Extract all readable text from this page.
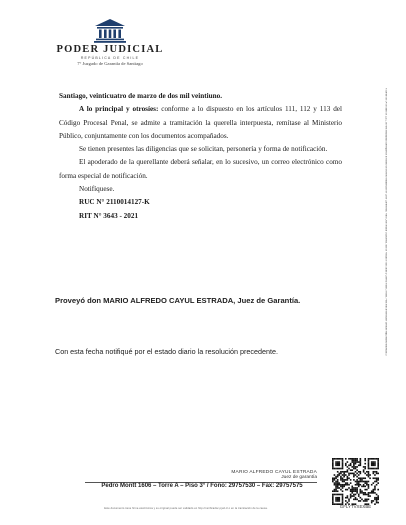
PODER JUDICIAL
REPÚBLICA DE CHILE
7° Juzgado de Garantía de Santiago

Santiago, veinticuatro de marzo de dos mil veintiuno.

A lo principal y otrosíes: conforme a lo dispuesto en los artículos 111, 112 y 113 del Código Procesal Penal, se admite a tramitación la querella interpuesta, remítase al Ministerio Público, conjuntamente con los documentos acompañados.

Se tienen presentes las diligencias que se solicitan, personería y forma de notificación.

El apoderado de la querellante deberá señalar, en lo sucesivo, un correo electrónico como forma especial de notificación.

Notifíquese.

RUC N° 2110014127-K

RIT N° 3643 - 2021

Proveyó don MARIO ALFREDO CAYUL ESTRADA, Juez de Garantía.
Con esta fecha notifiqué por el estado diario la resolución precedente.	A contar del 04 de abril de 2021, la hora visualizada corresponde al horario de invierno establecido en Chile Continental. Para Chile Insular Occidental, Isla de Pascua e Isla Salas y Gómez restar 2 horas. Para más información consulte http://www.horaoficial.cl
MARIO ALFREDO CAYUL ESTRADA
Juez de garantía
Pedro Montt 1606 – Torre A – Piso 3° / Fono: 29757530 – Fax: 29757575
Este documento tiene firma electrónica y su original puede ser validado en http://verificadoc.pjud.cl o en la tramitación de la causa.	GFLYTVXEXBE
